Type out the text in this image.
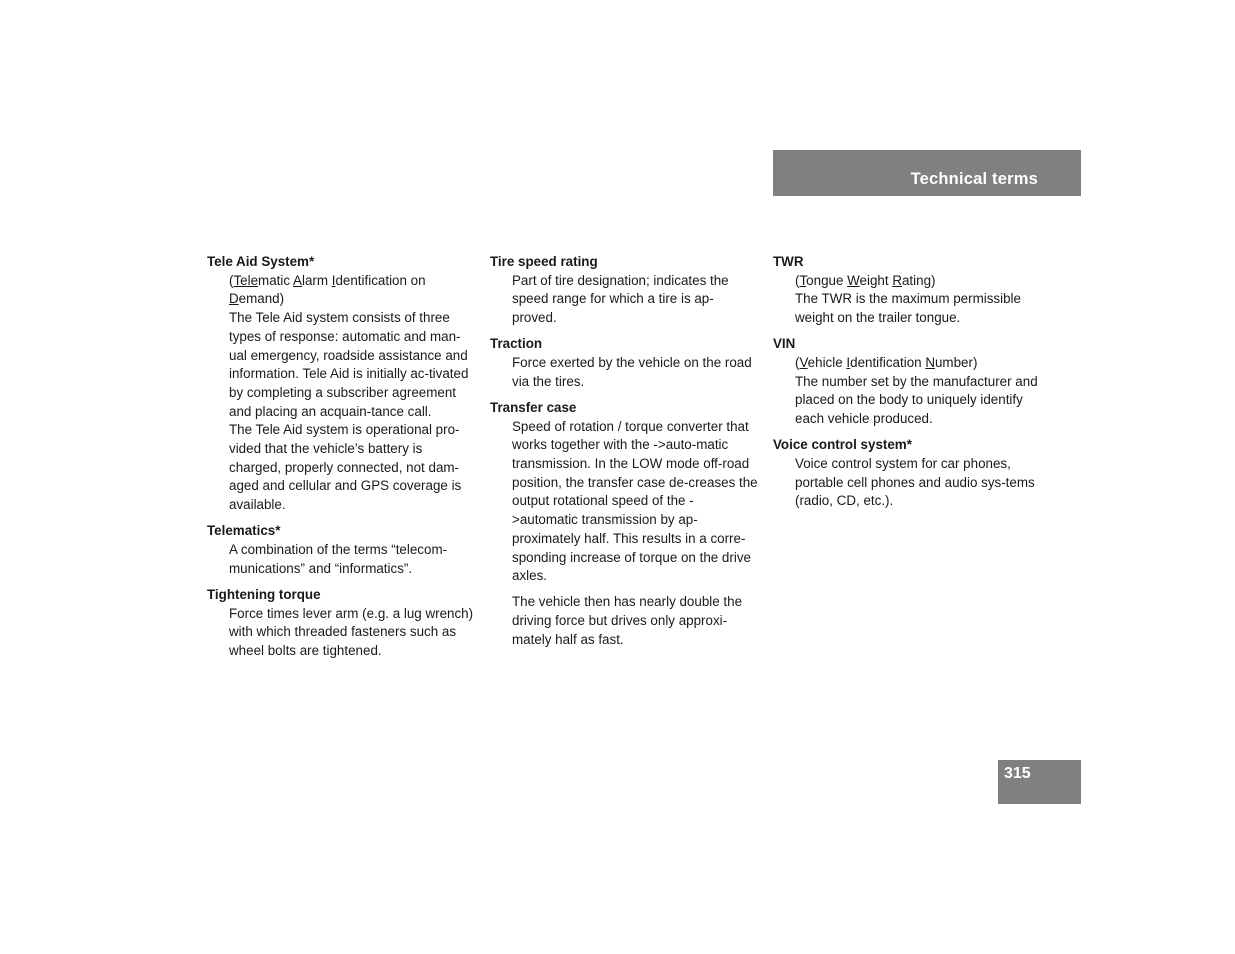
Technical terms
Tele Aid System*

(Telematic Alarm Identification on Demand)

The Tele Aid system consists of three types of response: automatic and man-ual emergency, roadside assistance and information. Tele Aid is initially ac-tivated by completing a subscriber agreement and placing an acquain-tance call.

The Tele Aid system is operational pro-vided that the vehicle’s battery is charged, properly connected, not dam-aged and cellular and GPS coverage is available.

Telematics*

A combination of the terms “telecom-munications” and “informatics”.

Tightening torque

Force times lever arm (e.g. a lug wrench) with which threaded fasteners such as wheel bolts are tightened.

Tire speed rating

Part of tire designation; indicates the speed range for which a tire is ap-proved.

Traction

Force exerted by the vehicle on the road via the tires.

Transfer case

Speed of rotation / torque converter that works together with the ->auto-matic transmission. In the LOW mode off-road position, the transfer case de-creases the output rotational speed of the ->automatic transmission by ap-proximately half. This results in a corre-sponding increase of torque on the drive axles.

The vehicle then has nearly double the driving force but drives only approxi-mately half as fast.

TWR

(Tongue Weight Rating)

The TWR is the maximum permissible weight on the trailer tongue.

VIN

(Vehicle Identification Number)

The number set by the manufacturer and placed on the body to uniquely identify each vehicle produced.

Voice control system*

Voice control system for car phones, portable cell phones and audio sys-tems (radio, CD, etc.).

315
